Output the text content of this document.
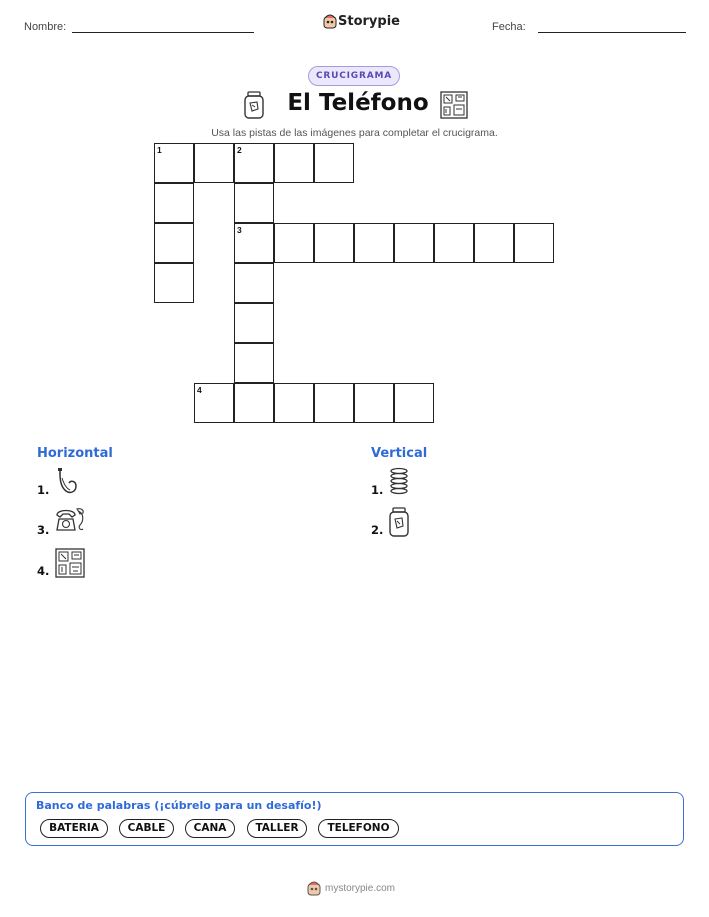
Nombre:	Storypie	Fecha:
CRUCIGRAMA
El Teléfono
Usa las pistas de las imágenes para completar el crucigrama.
1	2
3
4
Horizontal
1.
3.
4.
Vertical
1.
2.
Banco de palabras (¡cúbrelo para un desafío!)
BATERIA	CABLE	CANA	TALLER	TELEFONO
mystorypie.com
